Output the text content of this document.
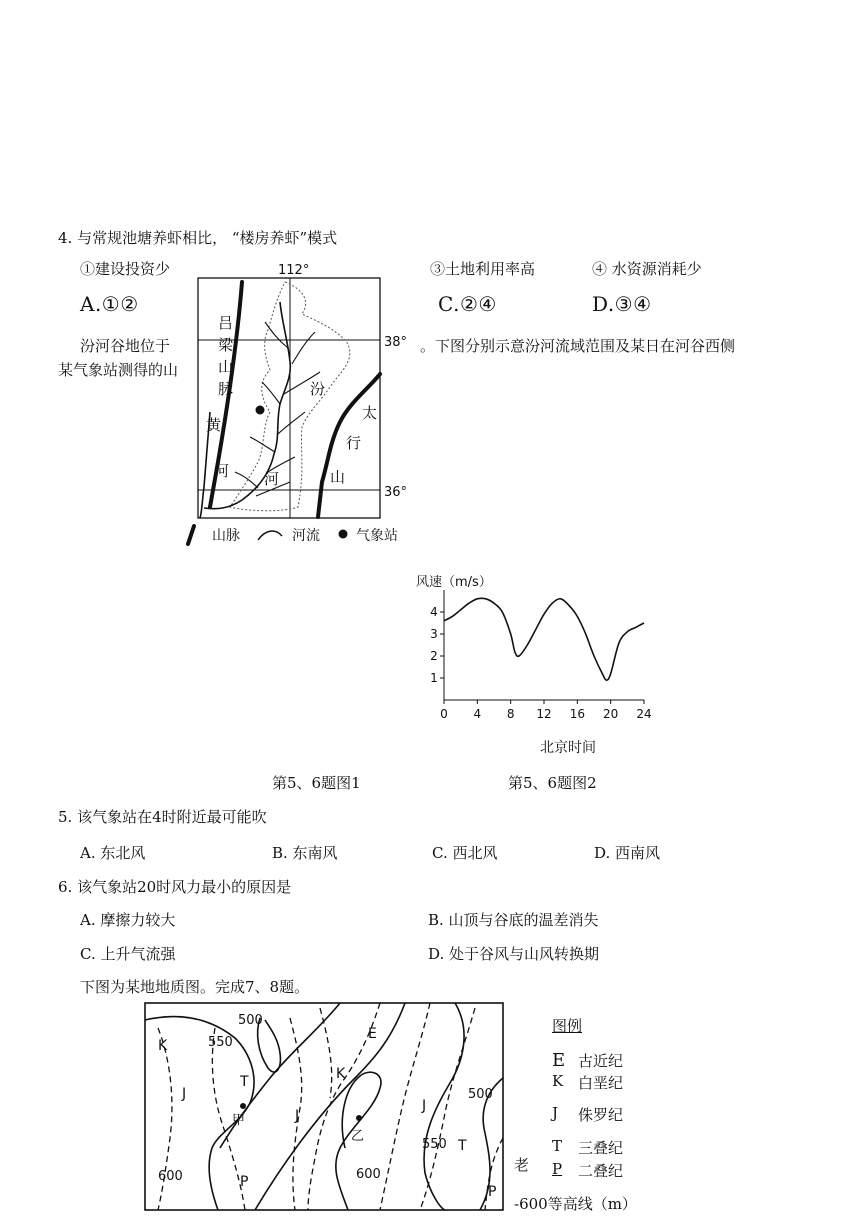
4. 与常规池塘养虾相比， “楼房养虾”模式
①建设投资少	③土地利用率高	④ 水资源消耗少
A.①②	C.②④	D.③④
汾河谷地位于	。下图分别示意汾河流域范围及某日在河谷西侧
某气象站测得的山
112°
38°
36°
吕
梁
山
脉
黄
河
汾
河
太
行
山
山脉	河流	气象站
风速（m/s）
0 4 8 12 16 20 24
1
2
3
4
北京时间
第5、6题图1	第5、6题图2
5. 该气象站在4时附近最可能吹
A. 东北风	B. 东南风	C. 西北风	D. 西南风
6. 该气象站20时风力最小的原因是
A. 摩擦力较大	B. 山顶与谷底的温差消失
C. 上升气流强	D. 处于谷风与山风转换期
下图为某地地质图。完成7、8题。
500
550
500
550
600	600
K
K
E
T
T
J
J
J
P
P
甲
乙
老
图例
E 古近纪
K 白垩纪
J 侏罗纪
T 三叠纪
P 二叠纪
-600等高线（m）
